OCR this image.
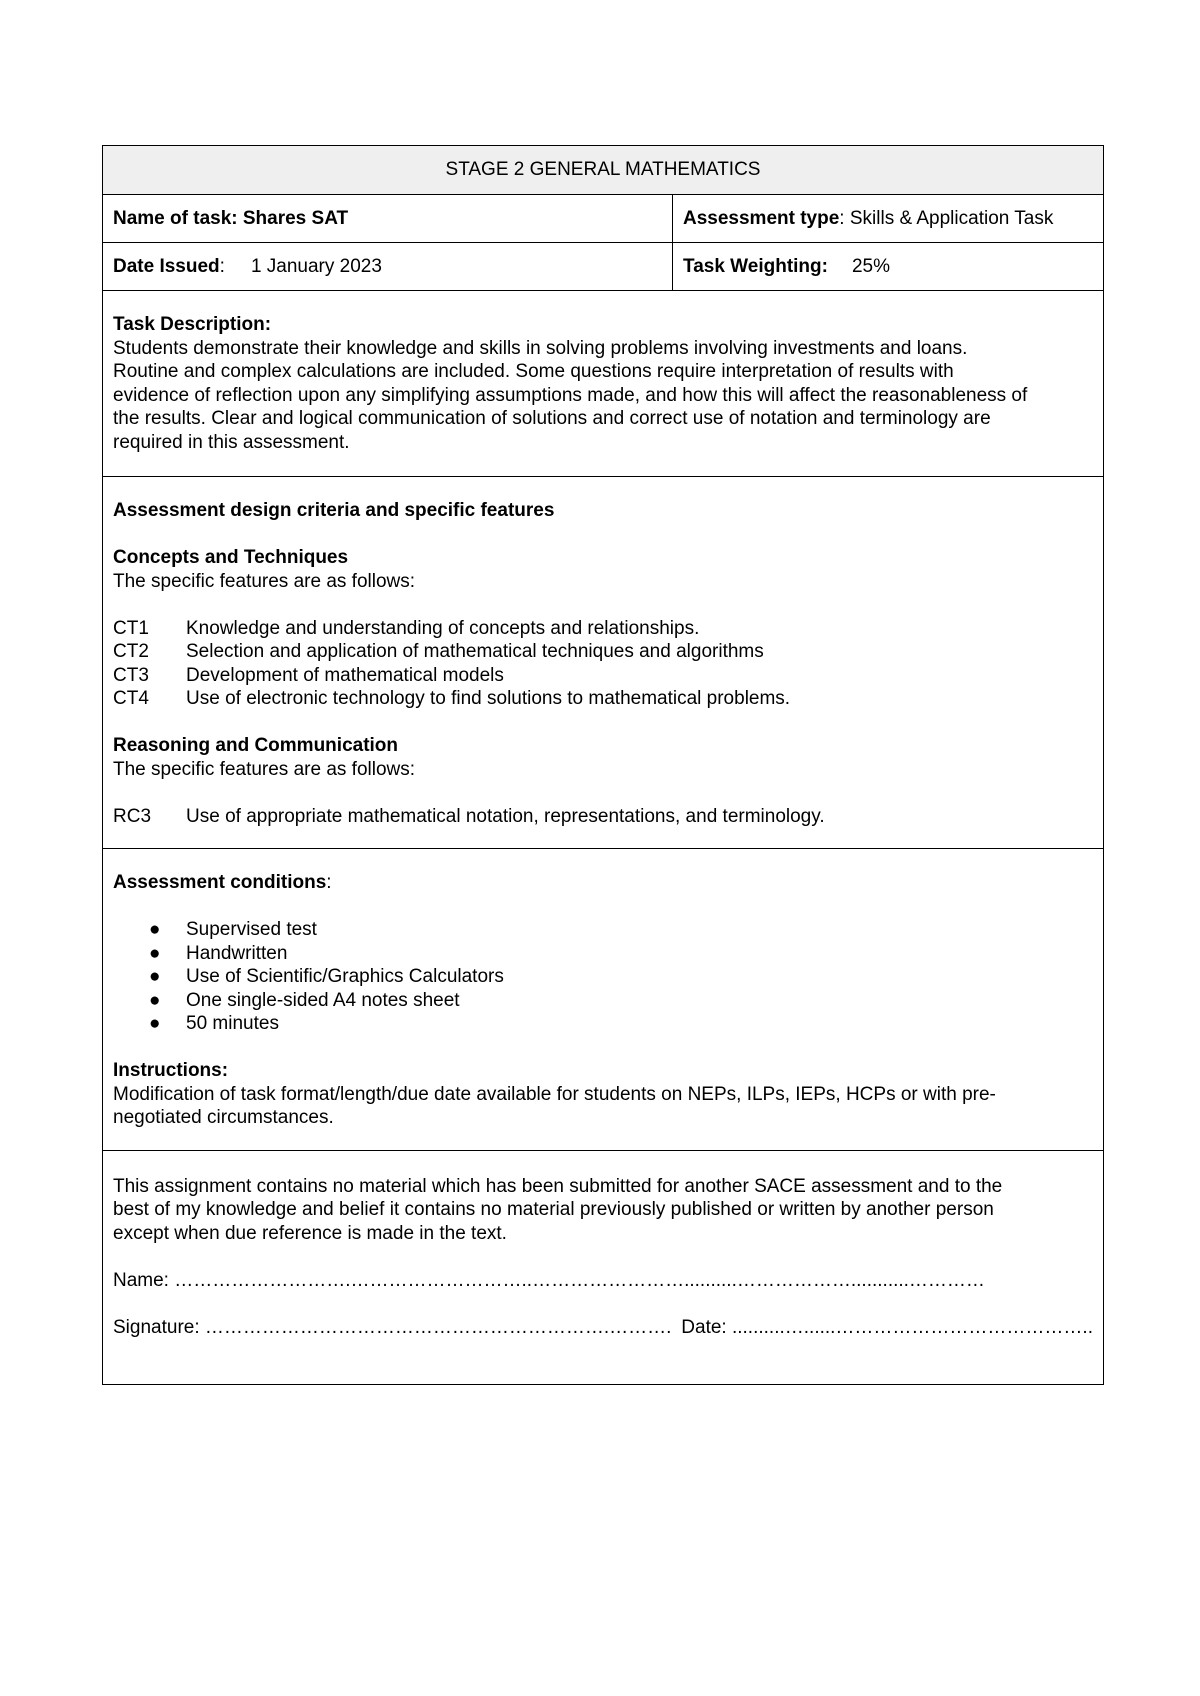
STAGE 2 GENERAL MATHEMATICS
Name of task: Shares SAT	Assessment type : Skills & Application Task
Date Issued : 1 January 2023	Task Weighting: 25%
Task Description:
Students demonstrate their knowledge and skills in solving problems involving investments and loans.
Routine and complex calculations are included. Some questions require interpretation of results with
evidence of reflection upon any simplifying assumptions made, and how this will affect the reasonableness of
the results. Clear and logical communication of solutions and correct use of notation and terminology are
required in this assessment.
Assessment design criteria and specific features
Concepts and Techniques
The specific features are as follows:
CT1	Knowledge and understanding of concepts and relationships.
CT2	Selection and application of mathematical techniques and algorithms
CT3	Development of mathematical models
CT4	Use of electronic technology to find solutions to mathematical problems.
Reasoning and Communication
The specific features are as follows:
RC3	Use of appropriate mathematical notation, representations, and terminology.
Assessment conditions:
●	Supervised test
●	Handwritten
●	Use of Scientific/Graphics Calculators
●	One single-sided A4 notes sheet
●	50 minutes
Instructions:
Modification of task format/length/due date available for students on NEPs, ILPs, IEPs, HCPs or with pre-
negotiated circumstances.
This assignment contains no material which has been submitted for another SACE assessment and to the
best of my knowledge and belief it contains no material previously published or written by another person
except when due reference is made in the text.
Name: ……………………….………………………..……………………..........………………...........…………
Signature: ……………………………………………………….………. Date: ..........…......…………………………………..
